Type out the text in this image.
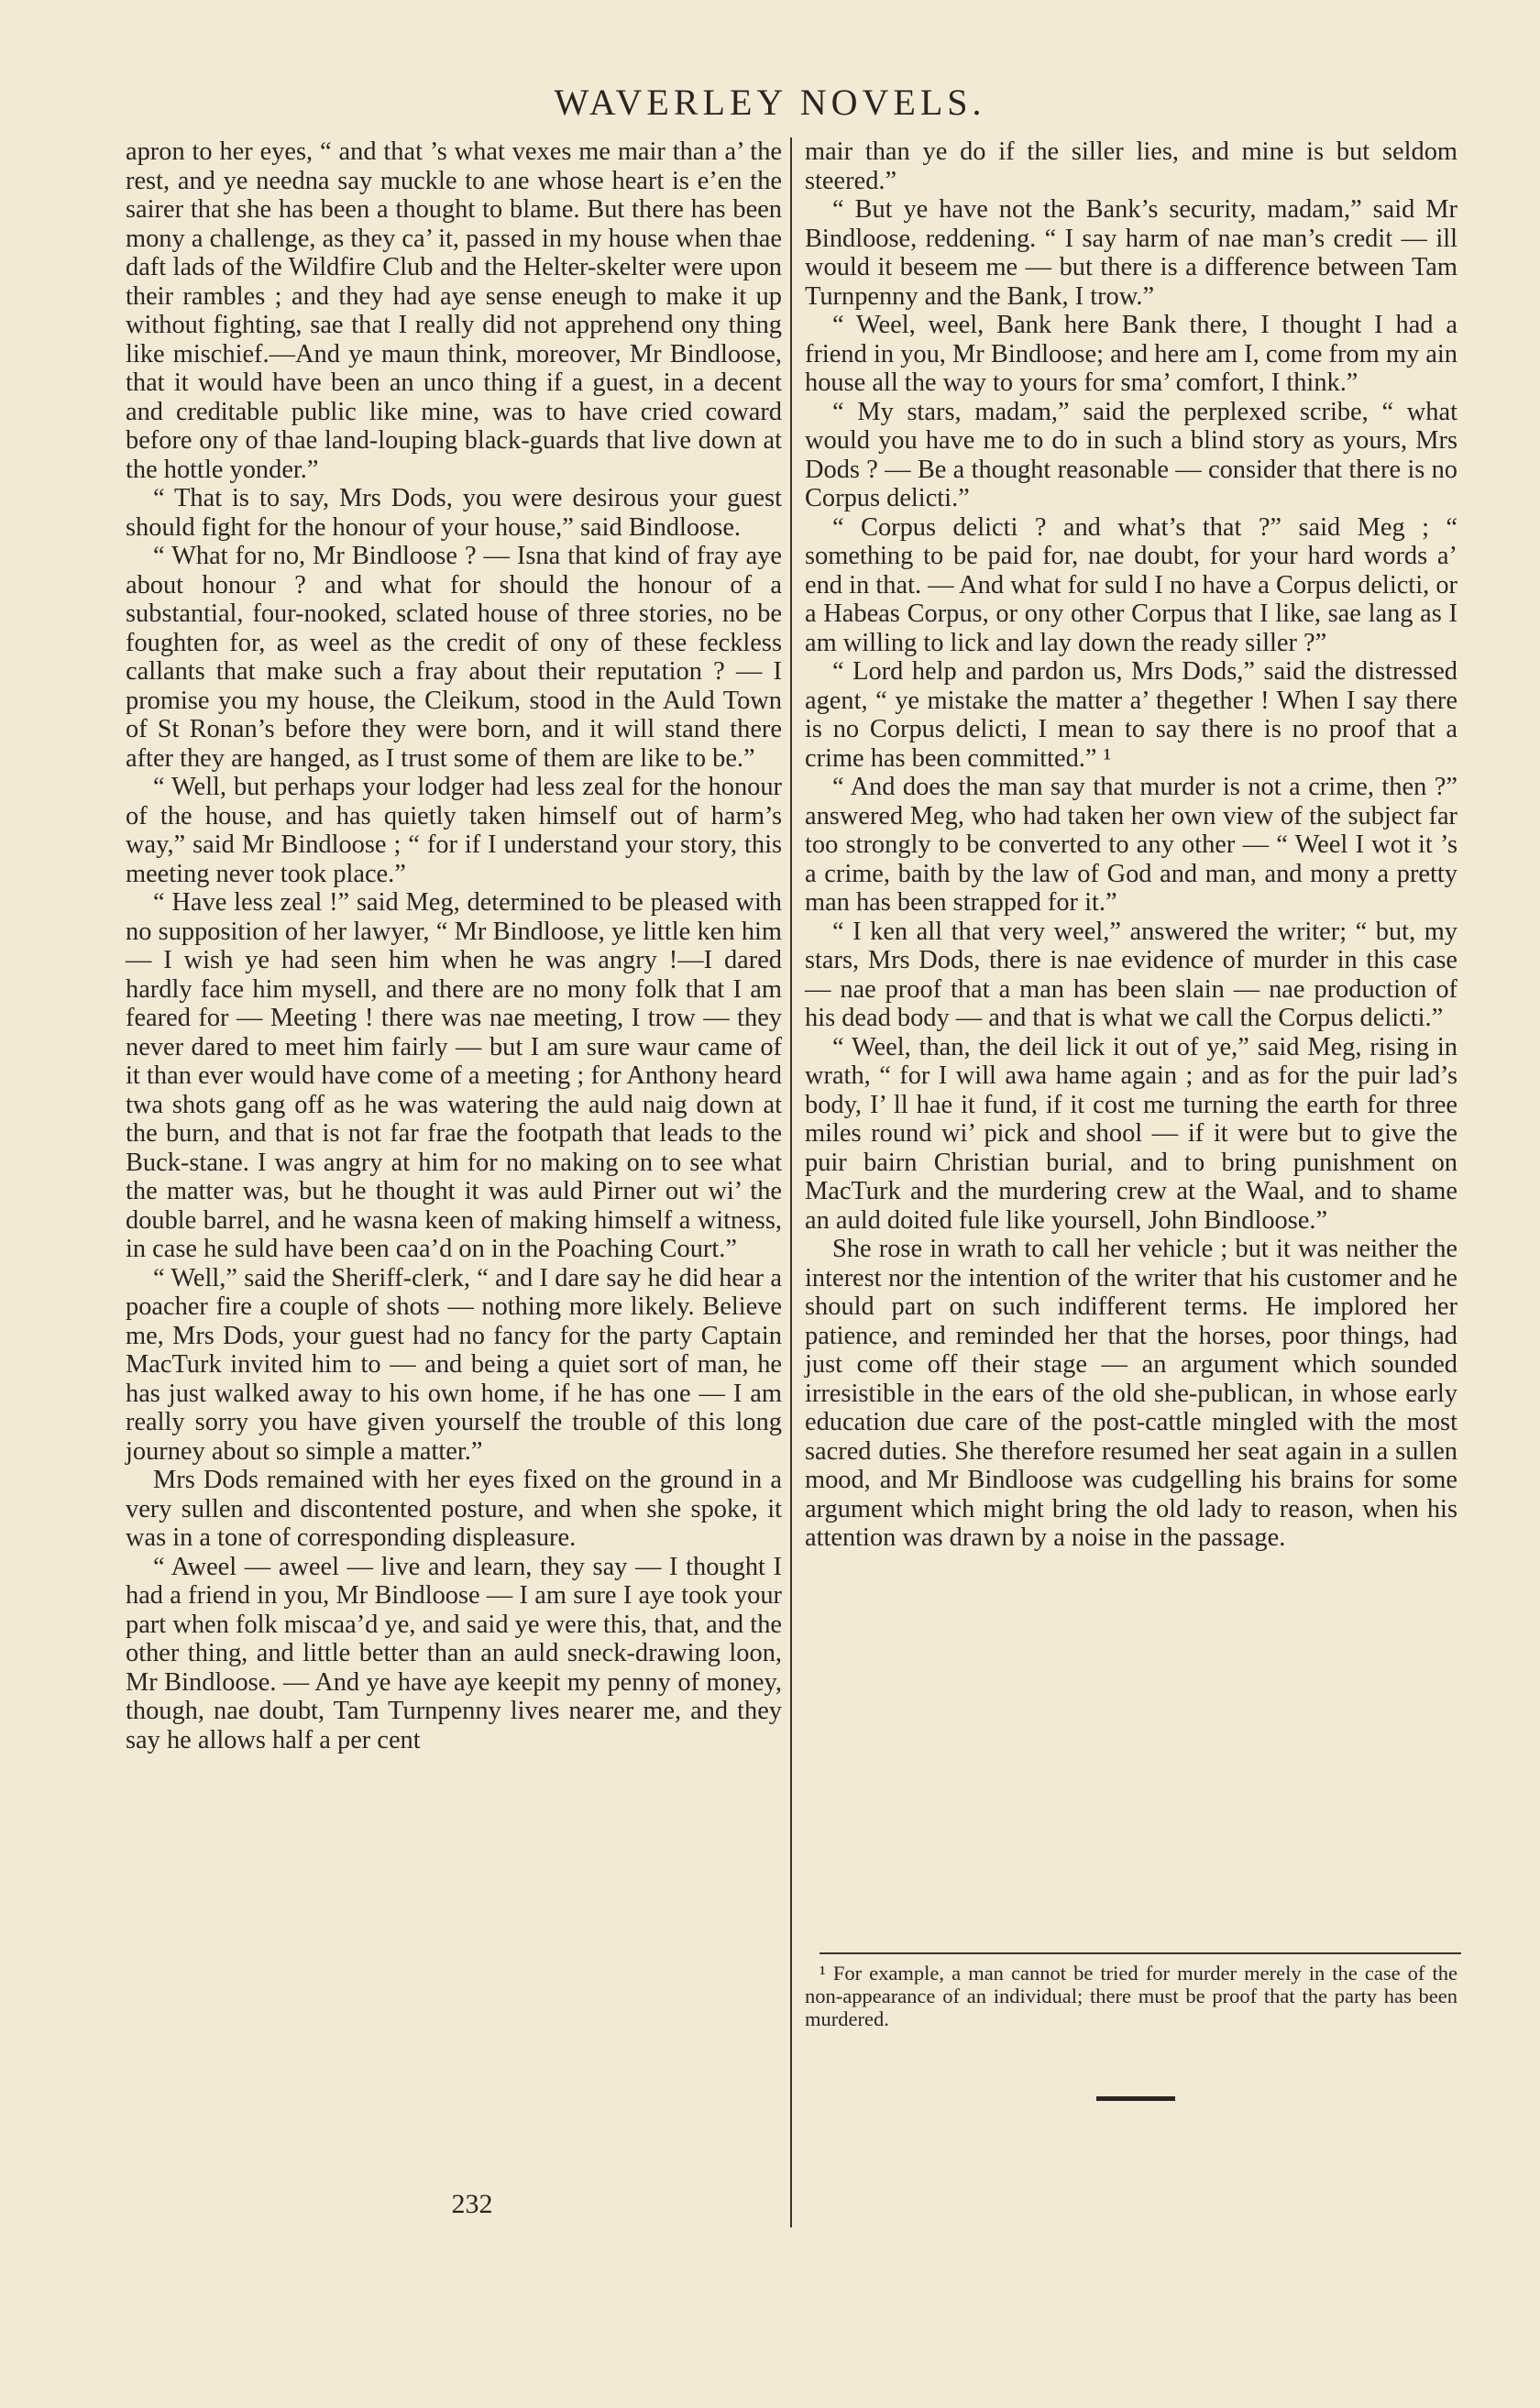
WAVERLEY NOVELS.

apron to her eyes, “ and that ’s what vexes me mair than a’ the rest, and ye needna say muckle to ane whose heart is e’en the sairer that she has been a thought to blame. But there has been mony a challenge, as they ca’ it, passed in my house when thae daft lads of the Wildfire Club and the Helter-skelter were upon their rambles ; and they had aye sense eneugh to make it up without fighting, sae that I really did not apprehend ony thing like mischief.—And ye maun think, moreover, Mr Bindloose, that it would have been an unco thing if a guest, in a decent and creditable public like mine, was to have cried coward before ony of thae land-louping black-guards that live down at the hottle yonder.”

“ That is to say, Mrs Dods, you were desirous your guest should fight for the honour of your house,” said Bindloose.

“ What for no, Mr Bindloose ? — Isna that kind of fray aye about honour ? and what for should the honour of a substantial, four-nooked, sclated house of three stories, no be foughten for, as weel as the credit of ony of these feckless callants that make such a fray about their reputation ? — I promise you my house, the Cleikum, stood in the Auld Town of St Ronan’s before they were born, and it will stand there after they are hanged, as I trust some of them are like to be.”

“ Well, but perhaps your lodger had less zeal for the honour of the house, and has quietly taken himself out of harm’s way,” said Mr Bindloose ; “ for if I understand your story, this meeting never took place.”

“ Have less zeal !” said Meg, determined to be pleased with no supposition of her lawyer, “ Mr Bindloose, ye little ken him — I wish ye had seen him when he was angry !—I dared hardly face him mysell, and there are no mony folk that I am feared for — Meeting ! there was nae meeting, I trow — they never dared to meet him fairly — but I am sure waur came of it than ever would have come of a meeting ; for Anthony heard twa shots gang off as he was watering the auld naig down at the burn, and that is not far frae the footpath that leads to the Buck-stane. I was angry at him for no making on to see what the matter was, but he thought it was auld Pirner out wi’ the double barrel, and he wasna keen of making himself a witness, in case he suld have been caa’d on in the Poaching Court.”

“ Well,” said the Sheriff-clerk, “ and I dare say he did hear a poacher fire a couple of shots — nothing more likely. Believe me, Mrs Dods, your guest had no fancy for the party Captain MacTurk invited him to — and being a quiet sort of man, he has just walked away to his own home, if he has one — I am really sorry you have given yourself the trouble of this long journey about so simple a matter.”

Mrs Dods remained with her eyes fixed on the ground in a very sullen and discontented posture, and when she spoke, it was in a tone of corresponding displeasure.

“ Aweel — aweel — live and learn, they say — I thought I had a friend in you, Mr Bindloose — I am sure I aye took your part when folk miscaa’d ye, and said ye were this, that, and the other thing, and little better than an auld sneck-drawing loon, Mr Bindloose. — And ye have aye keepit my penny of money, though, nae doubt, Tam Turnpenny lives nearer me, and they say he allows half a per cent

mair than ye do if the siller lies, and mine is but seldom steered.”

“ But ye have not the Bank’s security, madam,” said Mr Bindloose, reddening. “ I say harm of nae man’s credit — ill would it beseem me — but there is a difference between Tam Turnpenny and the Bank, I trow.”

“ Weel, weel, Bank here Bank there, I thought I had a friend in you, Mr Bindloose; and here am I, come from my ain house all the way to yours for sma’ comfort, I think.”

“ My stars, madam,” said the perplexed scribe, “ what would you have me to do in such a blind story as yours, Mrs Dods ? — Be a thought reasonable — consider that there is no Corpus delicti.”

“ Corpus delicti ? and what’s that ?” said Meg ; “ something to be paid for, nae doubt, for your hard words a’ end in that. — And what for suld I no have a Corpus delicti, or a Habeas Corpus, or ony other Corpus that I like, sae lang as I am willing to lick and lay down the ready siller ?”

“ Lord help and pardon us, Mrs Dods,” said the distressed agent, “ ye mistake the matter a’ thegether ! When I say there is no Corpus delicti, I mean to say there is no proof that a crime has been committed.” ¹

“ And does the man say that murder is not a crime, then ?” answered Meg, who had taken her own view of the subject far too strongly to be converted to any other — “ Weel I wot it ’s a crime, baith by the law of God and man, and mony a pretty man has been strapped for it.”

“ I ken all that very weel,” answered the writer; “ but, my stars, Mrs Dods, there is nae evidence of murder in this case — nae proof that a man has been slain — nae production of his dead body — and that is what we call the Corpus delicti.”

“ Weel, than, the deil lick it out of ye,” said Meg, rising in wrath, “ for I will awa hame again ; and as for the puir lad’s body, I’ ll hae it fund, if it cost me turning the earth for three miles round wi’ pick and shool — if it were but to give the puir bairn Christian burial, and to bring punishment on MacTurk and the murdering crew at the Waal, and to shame an auld doited fule like yoursell, John Bindloose.”

She rose in wrath to call her vehicle ; but it was neither the interest nor the intention of the writer that his customer and he should part on such indifferent terms. He implored her patience, and reminded her that the horses, poor things, had just come off their stage — an argument which sounded irresistible in the ears of the old she-publican, in whose early education due care of the post-cattle mingled with the most sacred duties. She therefore resumed her seat again in a sullen mood, and Mr Bindloose was cudgelling his brains for some argument which might bring the old lady to reason, when his attention was drawn by a noise in the passage.

¹ For example, a man cannot be tried for murder merely in the case of the non-appearance of an individual; there must be proof that the party has been murdered.

232
